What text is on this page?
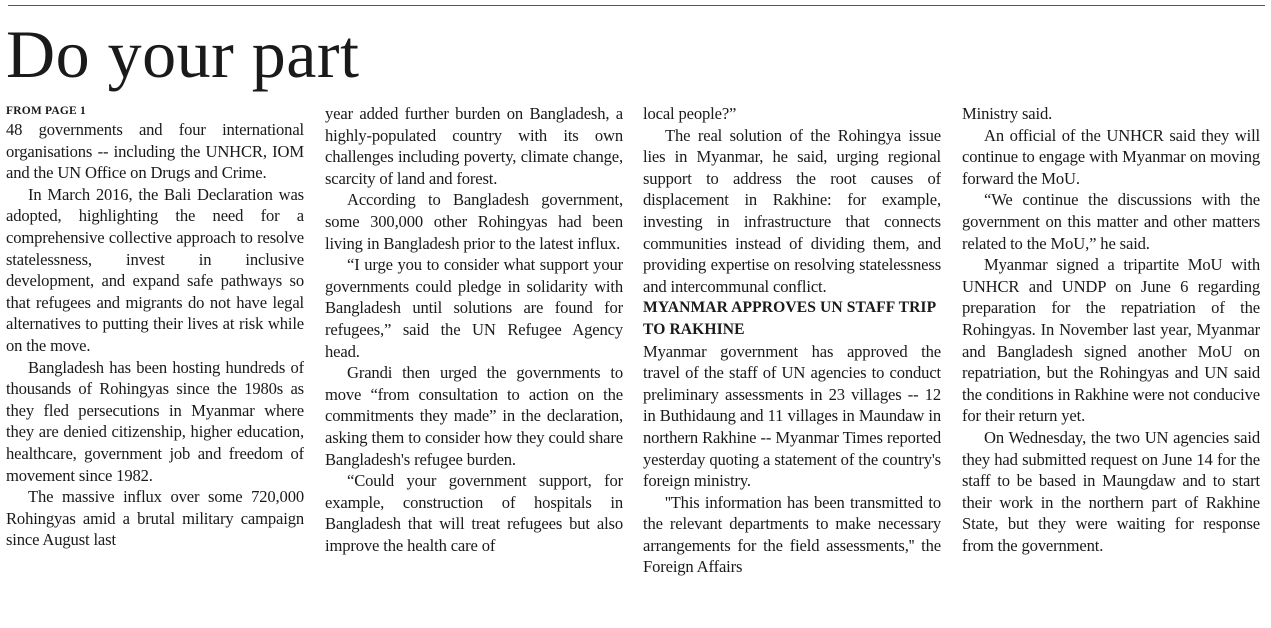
Do your part
FROM PAGE 1

48 governments and four international organisations -- including the UNHCR, IOM and the UN Office on Drugs and Crime.

In March 2016, the Bali Declaration was adopted, highlighting the need for a comprehensive collective approach to resolve statelessness, invest in inclusive development, and expand safe pathways so that refugees and migrants do not have legal alternatives to putting their lives at risk while on the move.

Bangladesh has been hosting hundreds of thousands of Rohingyas since the 1980s as they fled persecutions in Myanmar where they are denied citizenship, higher education, healthcare, government job and freedom of movement since 1982.

The massive influx over some 720,000 Rohingyas amid a brutal military campaign since August last

year added further burden on Bangladesh, a highly-populated country with its own challenges including poverty, climate change, scarcity of land and forest.

According to Bangladesh government, some 300,000 other Rohingyas had been living in Bangladesh prior to the latest influx.

“I urge you to consider what support your governments could pledge in solidarity with Bangladesh until solutions are found for refugees,” said the UN Refugee Agency head.

Grandi then urged the governments to move “from consultation to action on the commitments they made” in the declaration, asking them to consider how they could share Bangladesh's refugee burden.

“Could your government support, for example, construction of hospitals in Bangladesh that will treat refugees but also improve the health care of

local people?”

The real solution of the Rohingya issue lies in Myanmar, he said, urging regional support to address the root causes of displacement in Rakhine: for example, investing in infrastructure that connects communities instead of dividing them, and providing expertise on resolving statelessness and intercommunal conflict.

MYANMAR APPROVES UN STAFF TRIP TO RAKHINE

Myanmar government has approved the travel of the staff of UN agencies to conduct preliminary assessments in 23 villages -- 12 in Buthidaung and 11 villages in Maundaw in northern Rakhine -- Myanmar Times reported yesterday quoting a statement of the country's foreign ministry.

''This information has been transmitted to the relevant departments to make necessary arrangements for the field assessments,'' the Foreign Affairs

Ministry said.

An official of the UNHCR said they will continue to engage with Myanmar on moving forward the MoU.

“We continue the discussions with the government on this matter and other matters related to the MoU,” he said.

Myanmar signed a tripartite MoU with UNHCR and UNDP on June 6 regarding preparation for the repatriation of the Rohingyas. In November last year, Myanmar and Bangladesh signed another MoU on repatriation, but the Rohingyas and UN said the conditions in Rakhine were not conducive for their return yet.

On Wednesday, the two UN agencies said they had submitted request on June 14 for the staff to be based in Maungdaw and to start their work in the northern part of Rakhine State, but they were waiting for response from the government.
